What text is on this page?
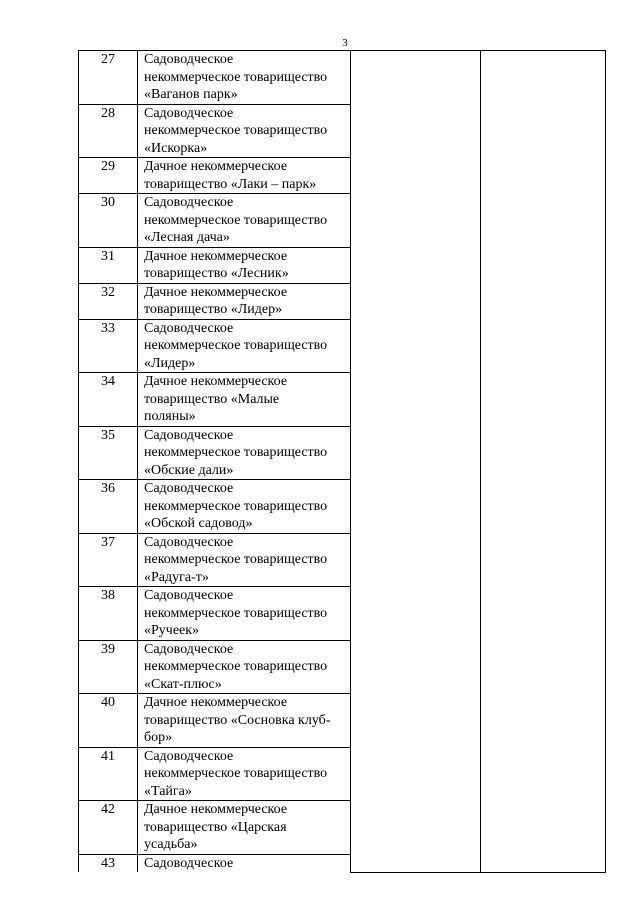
3
27	Садоводческое
некоммерческое товарищество
«Ваганов парк»		
28	Садоводческое
некоммерческое товарищество
«Искорка»		
29	Дачное некоммерческое
товарищество «Лаки – парк»		
30	Садоводческое
некоммерческое товарищество
«Лесная дача»		
31	Дачное некоммерческое
товарищество «Лесник»		
32	Дачное некоммерческое
товарищество «Лидер»		
33	Садоводческое
некоммерческое товарищество
«Лидер»		
34	Дачное некоммерческое
товарищество «Малые
поляны»		
35	Садоводческое
некоммерческое товарищество
«Обские дали»		
36	Садоводческое
некоммерческое товарищество
«Обской садовод»		
37	Садоводческое
некоммерческое товарищество
«Радуга-т»		
38	Садоводческое
некоммерческое товарищество
«Ручеек»		
39	Садоводческое
некоммерческое товарищество
«Скат-плюс»		
40	Дачное некоммерческое
товарищество «Сосновка клуб-
бор»		
41	Садоводческое
некоммерческое товарищество
«Тайга»		
42	Дачное некоммерческое
товарищество «Царская
усадьба»		
43	Садоводческое		
